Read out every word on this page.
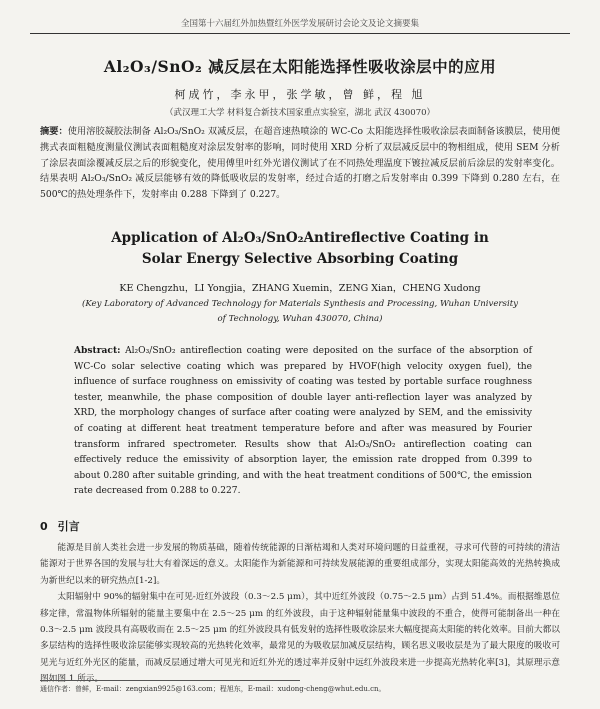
全国第十六届红外加热暨红外医学发展研讨会论文及论文摘要集
Al₂O₃/SnO₂ 减反层在太阳能选择性吸收涂层中的应用
柯成竹，李永甲，张学敏，曾 鲜，程 旭
（武汉理工大学 材料复合新技术国家重点实验室，湖北 武汉 430070）
摘要：使用溶胶凝胶法制备 Al₂O₃/SnO₂ 双减反层，在超音速热喷涂的 WC-Co 太阳能选择性吸收涂层表面制备该膜层，使用便携式表面粗糙度测量仪测试表面粗糙度对涂层发射率的影响，同时使用 XRD 分析了双层减反层中的物相组成，使用 SEM 分析了涂层表面涂覆减反层之后的形貌变化，使用傅里叶红外光谱仪测试了在不同热处理温度下镀拉减反层前后涂层的发射率变化。结果表明 Al₂O₃/SnO₂ 减反层能够有效的降低吸收层的发射率，经过合适的打磨之后发射率由 0.399 下降到 0.280 左右，在 500℃的热处理条件下，发射率由 0.288 下降到了 0.227。
Application of Al₂O₃/SnO₂Antireflective Coating in
Solar Energy Selective Absorbing Coating
KE Chengzhu，LI Yongjia，ZHANG Xuemin，ZENG Xian，CHENG Xudong
(Key Laboratory of Advanced Technology for Materials Synthesis and Processing, Wuhan University of Technology, Wuhan 430070, China)
Abstract: Al₂O₃/SnO₂ antireflection coating were deposited on the surface of the absorption of WC-Co solar selective coating which was prepared by HVOF(high velocity oxygen fuel), the influence of surface roughness on emissivity of coating was tested by portable surface roughness tester, meanwhile, the phase composition of double layer anti-reflection layer was analyzed by XRD, the morphology changes of surface after coating were analyzed by SEM, and the emissivity of coating at different heat treatment temperature before and after was measured by Fourier transform infrared spectrometer. Results show that Al₂O₃/SnO₂ antireflection coating can effectively reduce the emissivity of absorption layer, the emission rate dropped from 0.399 to about 0.280 after suitable grinding, and with the heat treatment conditions of 500℃, the emission rate decreased from 0.288 to 0.227.
0 引言

能源是目前人类社会进一步发展的物质基础，随着传统能源的日渐枯竭和人类对环境问题的日益重视，寻求可代替的可持续的清洁能源对于世界各国的发展与壮大有着深远的意义。太阳能作为新能源和可持续发展能源的重要组成部分，实现太阳能高效的光热转换成为新世纪以来的研究热点[1-2]。

太阳辐射中 90%的辐射集中在可见-近红外波段（0.3～2.5 μm），其中近红外波段（0.75～2.5 μm）占到 51.4%。而根据维恩位移定律，常温物体所辐射的能量主要集中在 2.5～25 μm 的红外波段，由于这种辐射能量集中波段的不重合，使得可能制备出一种在 0.3～2.5 μm 波段具有高吸收而在 2.5～25 μm 的红外波段具有低发射的选择性吸收涂层来大幅度提高太阳能的转化效率。目前大都以多层结构的选择性吸收涂层能够实现较高的光热转化效率，最常见的为吸收层加减反层结构，顾名思义吸收层是为了最大限度的吸收可见光与近红外光区的能量，而减反层通过增大可见光和近红外光的透过率并反射中远红外波段来进一步提高光热转化率[3]，其原理示意图如图 1 所示。

通信作者：曾鲜，E-mail：zengxian9925@163.com；程旭东，E-mail：xudong-cheng@whut.edu.cn。
